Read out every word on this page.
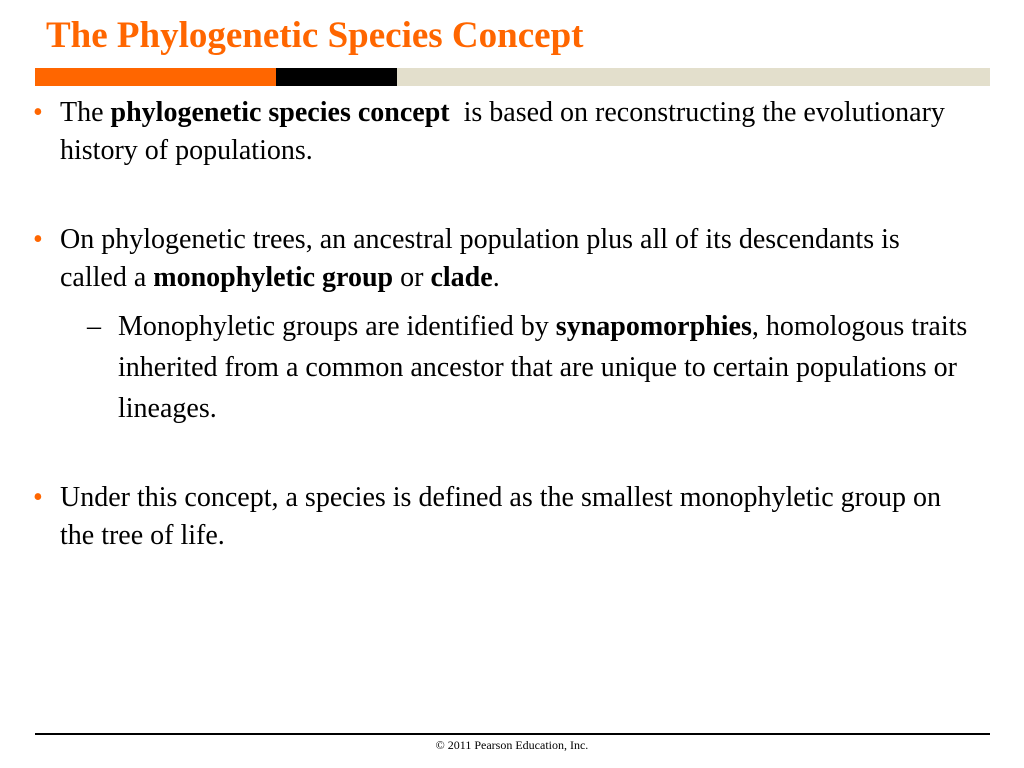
The Phylogenetic Species Concept
• The phylogenetic species concept  is based on reconstructing the evolutionary history of populations.
• On phylogenetic trees, an ancestral population plus all of its descendants is called a monophyletic group or clade.
– Monophyletic groups are identified by synapomorphies, homologous traits inherited from a common ancestor that are unique to certain populations or lineages.
• Under this concept, a species is defined as the smallest monophyletic group on the tree of life.
© 2011 Pearson Education, Inc.
